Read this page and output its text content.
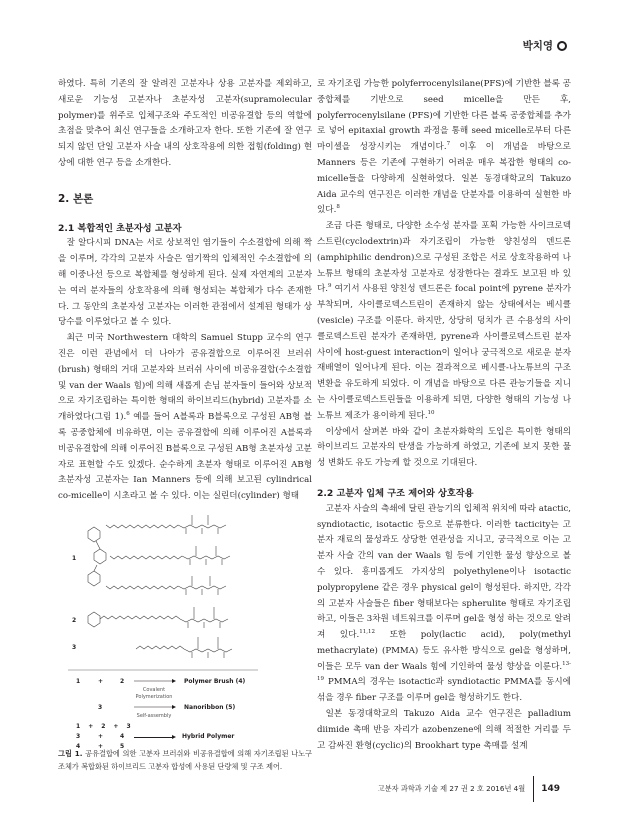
박치영

하였다. 특히 기존의 잘 알려진 고분자나 상용 고분자를 제외하고, 새로운 기능성 고분자나 초분자성 고분자(supramolecular polymer)를 위주로 입체구조와 주도적인 비공유결합 등의 역할에 초점을 맞추어 최신 연구들을 소개하고자 한다. 또한 기존에 잘 연구되지 않던 단일 고분자 사슬 내의 상호작용에 의한 접힘(folding) 현상에 대한 연구 등을 소개한다.

2. 본론
2.1 복합적인 초분자성 고분자

잘 알다시피 DNA는 서로 상보적인 염기들이 수소결합에 의해 짝을 이루며, 각각의 고분자 사슬은 염기짝의 입체적인 수소결합에 의해 이중나선 등으로 복합체를 형성하게 된다. 실제 자연계의 고분자는 여러 분자들의 상호작용에 의해 형성되는 복합체가 다수 존재한다. 그 동안의 초분자성 고분자는 이러한 관점에서 설계된 형태가 상당수를 이루었다고 볼 수 있다.

최근 미국 Northwestern 대학의 Samuel Stupp 교수의 연구진은 이런 관념에서 더 나아가 공유결합으로 이루어진 브러쉬(brush) 형태의 거대 고분자와 브러쉬 사이에 비공유결합(수소결합 및 van der Waals 힘)에 의해 새롭게 손님 분자들이 들어와 상보적으로 자기조립하는 특이한 형태의 하이브리드(hybrid) 고분자를 소개하였다(그림 1).$^6$ 예를 들어 A블록과 B블록으로 구성된 AB형 블록 공중합체에 비유하면, 이는 공유결합에 의해 이루어진 A블록과 비공유결합에 의해 이루어진 B블록으로 구성된 AB형 초분자성 고분자로 표현할 수도 있겠다. 순수하게 초분자 형태로 이루어진 AB형 초분자성 고분자는 Ian Manners 등에 의해 보고된 cylindrical co-micelle이 시초라고 볼 수 있다. 이는 실린더(cylinder) 형태

1
2
3
1	+	2
Covalent
Polymerization
Polymer Brush (4)
3
Self-assembly
Nanoribbon (5)
1 + 2 + 3
3	+	4	Hybrid Polymer
4	+	5
그림 1. 공유결합에 의한 고분자 브러쉬와 비공유결합에 의해 자기조립된 나노구조체가 복합화된 하이브리드 고분자 합성에 사용된 단량체 및 구조 제어.

로 자기조립 가능한 polyferrocenylsilane(PFS)에 기반한 블록 공중합체를 기반으로 seed micelle을 만든 후, polyferrocenylsilane (PFS)에 기반한 다른 블록 공중합체를 추가로 넣어 epitaxial growth 과정을 통해 seed micelle로부터 다른 마이셀을 성장시키는 개념이다.$^7$ 이후 이 개념을 바탕으로 Manners 등은 기존에 구현하기 어려운 매우 복잡한 형태의 co-micelle들을 다양하게 실현하였다. 일본 동경대학교의 Takuzo Aida 교수의 연구진은 이러한 개념을 단분자를 이용하여 실현한 바 있다.$^8$

조금 다른 형태로, 다양한 소수성 분자를 포획 가능한 사이크로덱스트린(cyclodextrin)과 자기조립이 가능한 양친성의 덴드론(amphiphilic dendron)으로 구성된 조합은 서로 상호작용하여 나노튜브 형태의 초분자성 고분자로 성장한다는 결과도 보고된 바 있다.$^9$ 여기서 사용된 양친성 덴드론은 focal point에 pyrene 분자가 부착되며, 사이클로덱스트린이 존재하지 않는 상태에서는 베시클(vesicle) 구조를 이룬다. 하지만, 상당히 덩치가 큰 수용성의 사이클로덱스트린 분자가 존재하면, pyrene과 사이클로덱스트린 분자 사이에 host-guest interaction이 일어나 궁극적으로 새로운 분자 재배열이 일어나게 된다. 이는 결과적으로 베시클-나노튜브의 구조변환을 유도하게 되었다. 이 개념을 바탕으로 다른 관능기들을 지니는 사이클로덱스트린들을 이용하게 되면, 다양한 형태의 기능성 나노튜브 제조가 용이하게 된다.$^{10}$

이상에서 살펴본 바와 같이 초분자화학의 도입은 특이한 형태의 하이브리드 고분자의 탄생을 가능하게 하였고, 기존에 보지 못한 물성 변화도 유도 가능케 할 것으로 기대된다.

2.2 고분자 입체 구조 제어와 상호작용

고분자 사슬의 측쇄에 달린 관능기의 입체적 위치에 따라 atactic, syndiotactic, isotactic 등으로 분류한다. 이러한 tacticity는 고분자 재료의 물성과도 상당한 연관성을 지니고, 궁극적으로 이는 고분자 사슬 간의 van der Waals 힘 등에 기인한 물성 향상으로 볼 수 있다. 흥미롭게도 가지상의 polyethylene이나 isotactic polypropylene 같은 경우 physical gel이 형성된다. 하지만, 각각의 고분자 사슬들은 fiber 형태보다는 spherulite 형태로 자기조립하고, 이들은 3차원 네트워크를 이루며 gel을 형성 하는 것으로 알려져 있다.$^{11,12}$ 또한 poly(lactic acid), poly(methyl methacrylate) (PMMA) 등도 유사한 방식으로 gel을 형성하며, 이들은 모두 van der Waals 힘에 기인하여 물성 향상을 이룬다.$^{13-19}$ PMMA의 경우는 isotactic과 syndiotactic PMMA를 동시에 섞을 경우 fiber 구조를 이루며 gel을 형성하기도 한다.

일본 동경대학교의 Takuzo Aida 교수 연구진은 palladium diimide 촉매 반응 자리가 azobenzene에 의해 적절한 거리를 두고 감싸진 환형(cyclic)의 Brookhart type 촉매를 설계

고분자 과학과 기술 제 27 권 2 호 2016년 4월 149
